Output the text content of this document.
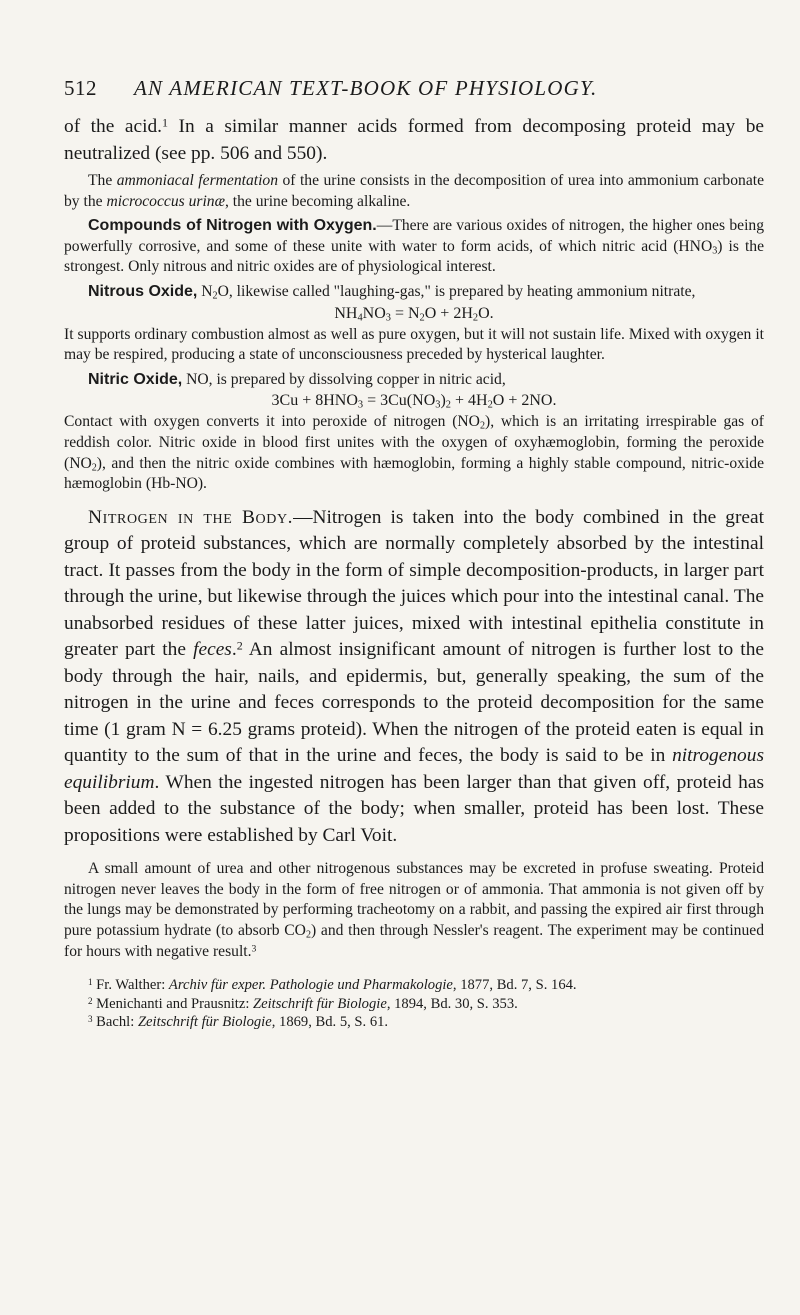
512 AN AMERICAN TEXT-BOOK OF PHYSIOLOGY.

of the acid.$^1$ In a similar manner acids formed from decomposing proteid may be neutralized (see pp. 506 and 550).

The ammoniacal fermentation of the urine consists in the decomposition of urea into ammonium carbonate by the micrococcus urinæ, the urine becoming alkaline.

Compounds of Nitrogen with Oxygen.—There are various oxides of nitrogen, the higher ones being powerfully corrosive, and some of these unite with water to form acids, of which nitric acid $(HNO_3)$ is the strongest. Only nitrous and nitric oxides are of physiological interest.

Nitrous Oxide, $N_2O$, likewise called "laughing-gas," is prepared by heating ammonium nitrate,

$NH_4NO_3 = N_2O + 2H_2O$.

It supports ordinary combustion almost as well as pure oxygen, but it will not sustain life. Mixed with oxygen it may be respired, producing a state of unconsciousness preceded by hysterical laughter.

Nitric Oxide, NO, is prepared by dissolving copper in nitric acid,

$3Cu + 8HNO_3 = 3Cu(NO_3)_2 + 4H_2O + 2NO$.

Contact with oxygen converts it into peroxide of nitrogen $(NO_2)$, which is an irritating irrespirable gas of reddish color. Nitric oxide in blood first unites with the oxygen of oxyhæmoglobin, forming the peroxide $(NO_2)$, and then the nitric oxide combines with hæmoglobin, forming a highly stable compound, nitric-oxide hæmoglobin (Hb-NO).

Nitrogen in the Body.—Nitrogen is taken into the body combined in the great group of proteid substances, which are normally completely absorbed by the intestinal tract. It passes from the body in the form of simple decomposition-products, in larger part through the urine, but likewise through the juices which pour into the intestinal canal. The unabsorbed residues of these latter juices, mixed with intestinal epithelia constitute in greater part the feces.$^2$ An almost insignificant amount of nitrogen is further lost to the body through the hair, nails, and epidermis, but, generally speaking, the sum of the nitrogen in the urine and feces corresponds to the proteid decomposition for the same time (1 gram N = 6.25 grams proteid). When the nitrogen of the proteid eaten is equal in quantity to the sum of that in the urine and feces, the body is said to be in nitrogenous equilibrium. When the ingested nitrogen has been larger than that given off, proteid has been added to the substance of the body; when smaller, proteid has been lost. These propositions were established by Carl Voit.

A small amount of urea and other nitrogenous substances may be excreted in profuse sweating. Proteid nitrogen never leaves the body in the form of free nitrogen or of ammonia. That ammonia is not given off by the lungs may be demonstrated by performing tracheotomy on a rabbit, and passing the expired air first through pure potassium hydrate (to absorb $CO_2$) and then through Nessler's reagent. The experiment may be continued for hours with negative result.$^3$

$^1$ Fr. Walther: Archiv für exper. Pathologie und Pharmakologie, 1877, Bd. 7, S. 164.

$^2$ Menichanti and Prausnitz: Zeitschrift für Biologie, 1894, Bd. 30, S. 353.

$^3$ Bachl: Zeitschrift für Biologie, 1869, Bd. 5, S. 61.
